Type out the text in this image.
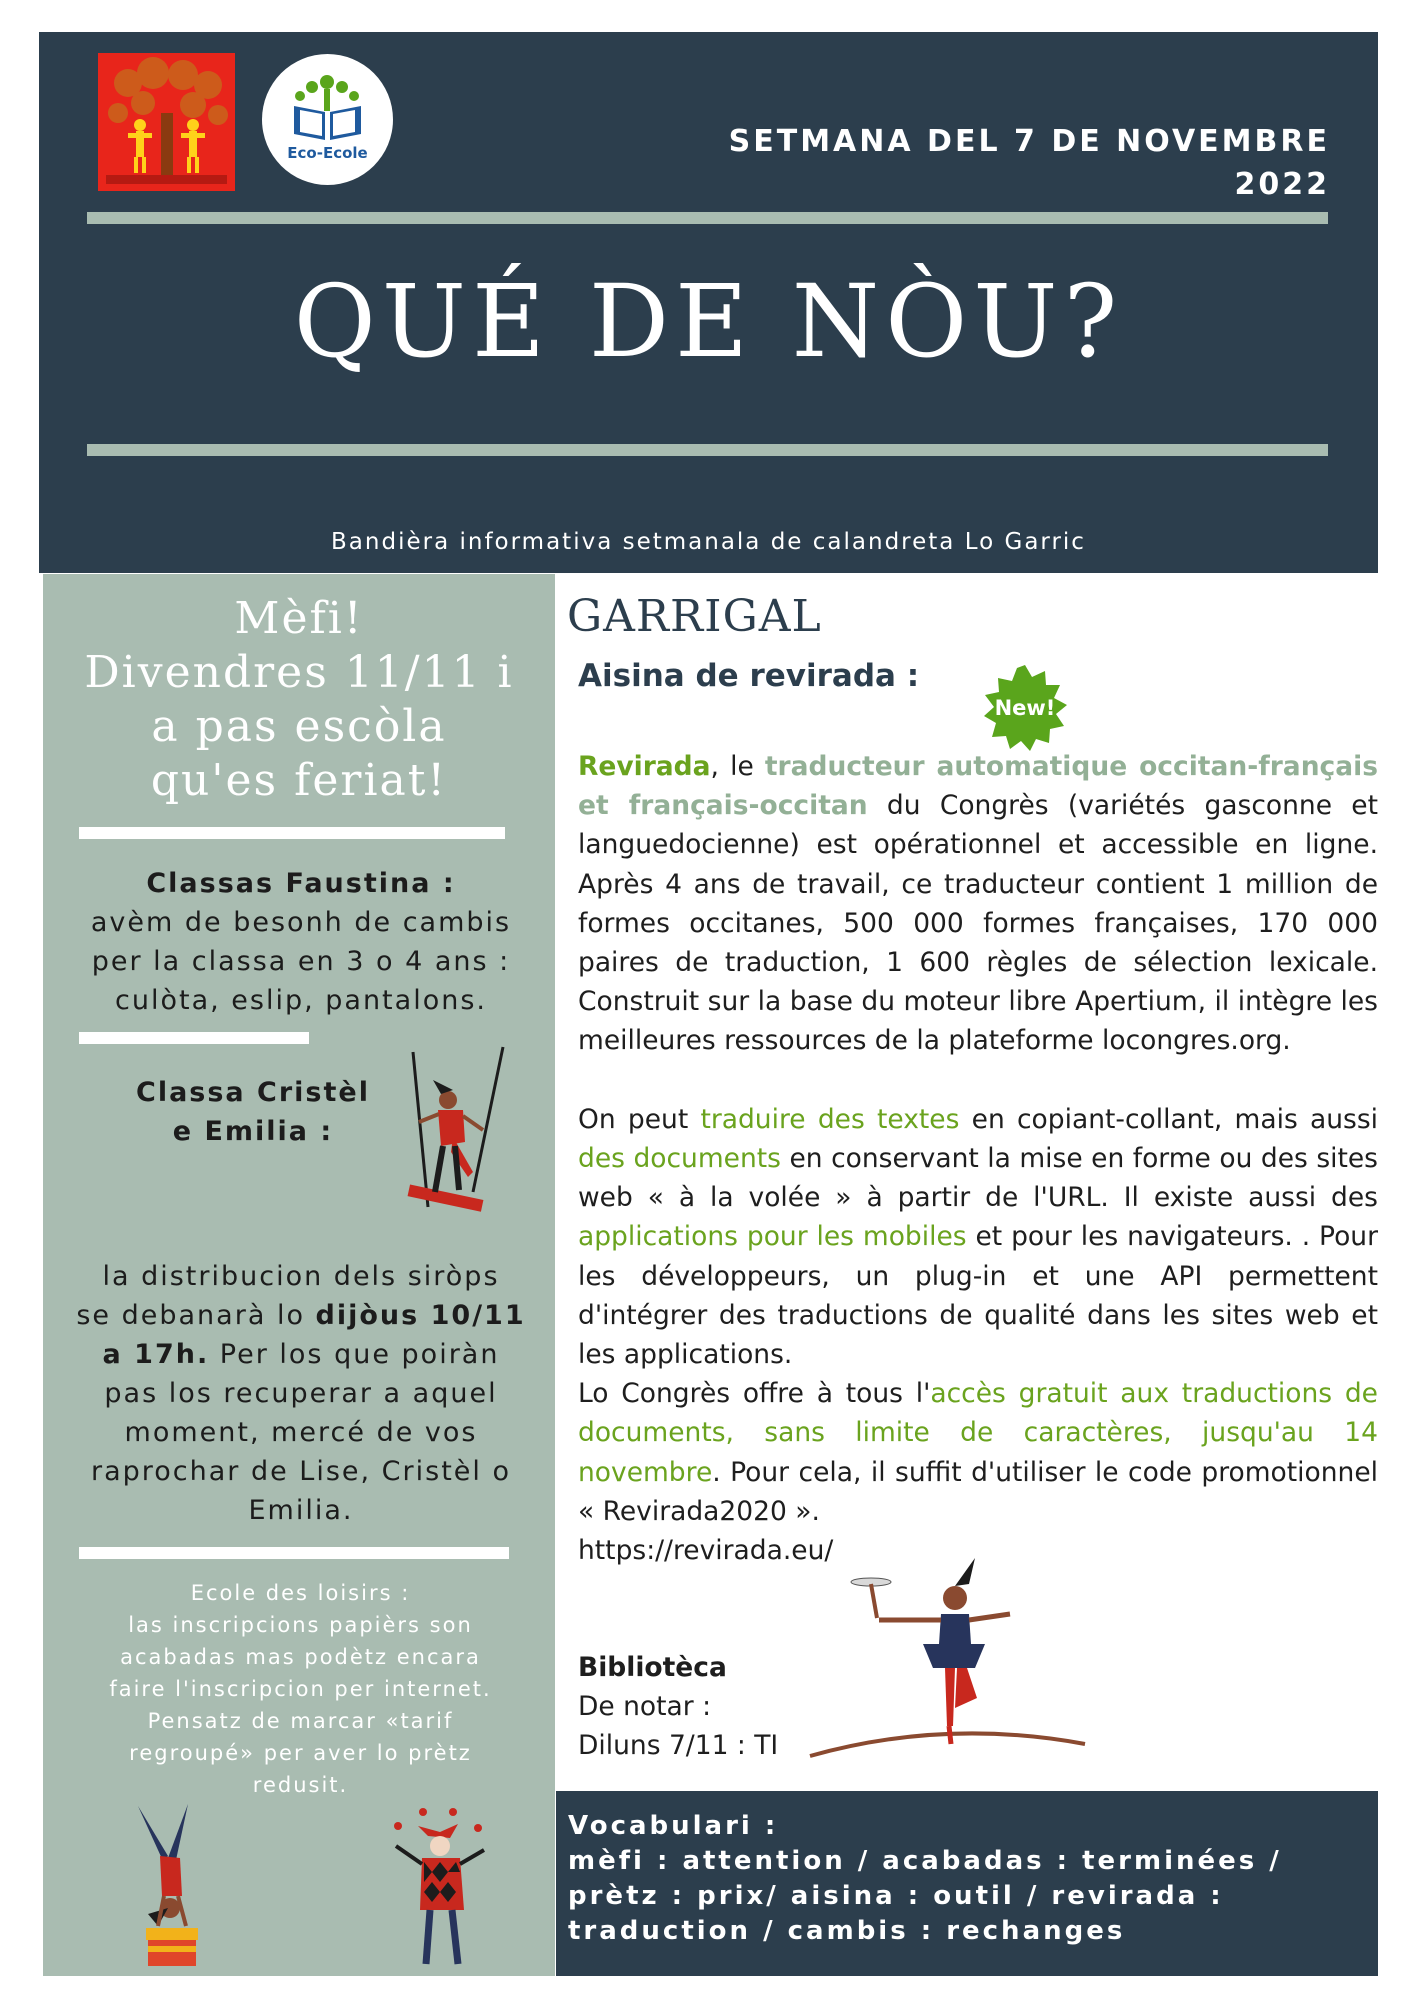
Eco-Ecole	SETMANA DEL 7 DE NOVEMBRE
2022
QUÉ DE NÒU?
Bandièra informativa setmanala de calandreta Lo Garric
Mèfi!
Divendres 11/11 i
a pas escòla
qu'es feriat!
Classas Faustina :
avèm de besonh de cambis
per la classa en 3 o 4 ans :
culòta, eslip, pantalons.
Classa Cristèl
e Emilia :
la distribucion dels siròps
se debanarà lo dijòus 10/11
a 17h. Per los que poiràn
pas los recuperar a aquel
moment, mercé de vos
raprochar de Lise, Cristèl o
Emilia.
Ecole des loisirs :
las inscripcions papièrs son
acabadas mas podètz encara
faire l'inscripcion per internet.
Pensatz de marcar «tarif
regroupé» per aver lo prètz
redusit.
GARRIGAL
Aisina de revirada :
New!

Revirada, le traducteur automatique occitan-français et français-occitan du Congrès (variétés gasconne et languedocienne) est opérationnel et accessible en ligne. Après 4 ans de travail, ce traducteur contient 1 million de formes occitanes, 500 000 formes françaises, 170 000 paires de traduction, 1 600 règles de sélection lexicale. Construit sur la base du moteur libre Apertium, il intègre les meilleures ressources de la plateforme locongres.org.

On peut traduire des textes en copiant-collant, mais aussi des documents en conservant la mise en forme ou des sites web « à la volée » à partir de l'URL. Il existe aussi des applications pour les mobiles et pour les navigateurs. . Pour les développeurs, un plug-in et une API permettent d'intégrer des traductions de qualité dans les sites web et les applications.

Lo Congrès offre à tous l'accès gratuit aux traductions de documents, sans limite de caractères, jusqu'au 14 novembre. Pour cela, il suffit d'utiliser le code promotionnel « Revirada2020 ».

https://revirada.eu/

Bibliotèca
De notar :
Diluns 7/11 : TI
Vocabulari :
mèfi : attention / acabadas : terminées / prètz : prix/ aisina : outil / revirada : traduction / cambis : rechanges
